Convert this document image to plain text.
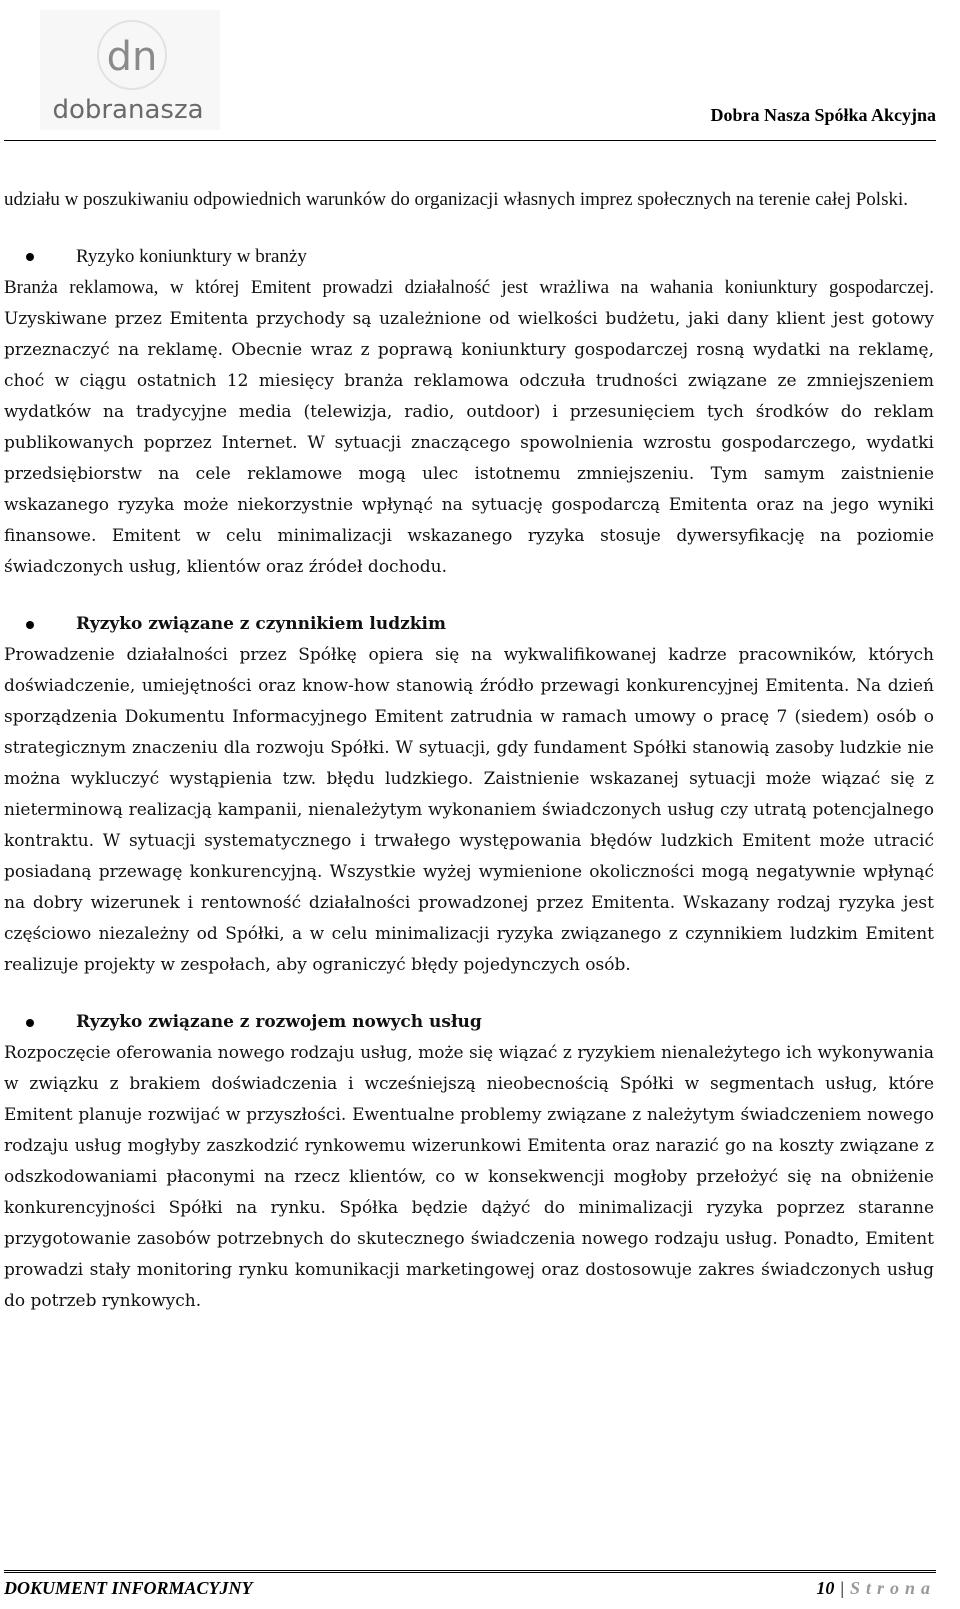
dn
dobranasza	Dobra Nasza Spółka Akcyjna

udziału w poszukiwaniu odpowiednich warunków do organizacji własnych imprez społecznych na terenie całej Polski.

Ryzyko koniunktury w branży

Branża reklamowa, w której Emitent prowadzi działalność jest wrażliwa na wahania koniunktury gospodarczej. Uzyskiwane przez Emitenta przychody są uzależnione od wielkości budżetu, jaki dany klient jest gotowy przeznaczyć na reklamę. Obecnie wraz z poprawą koniunktury gospodarczej rosną wydatki na reklamę, choć w ciągu ostatnich 12 miesięcy branża reklamowa odczuła trudności związane ze zmniejszeniem wydatków na tradycyjne media (telewizja, radio, outdoor) i przesunięciem tych środków do reklam publikowanych poprzez Internet. W sytuacji znaczącego spowolnienia wzrostu gospodarczego, wydatki przedsiębiorstw na cele reklamowe mogą ulec istotnemu zmniejszeniu. Tym samym zaistnienie wskazanego ryzyka może niekorzystnie wpłynąć na sytuację gospodarczą Emitenta oraz na jego wyniki finansowe. Emitent w celu minimalizacji wskazanego ryzyka stosuje dywersyfikację na poziomie świadczonych usług, klientów oraz źródeł dochodu.

Ryzyko związane z czynnikiem ludzkim

Prowadzenie działalności przez Spółkę opiera się na wykwalifikowanej kadrze pracowników, których doświadczenie, umiejętności oraz know-how stanowią źródło przewagi konkurencyjnej Emitenta. Na dzień sporządzenia Dokumentu Informacyjnego Emitent zatrudnia w ramach umowy o pracę 7 (siedem) osób o strategicznym znaczeniu dla rozwoju Spółki. W sytuacji, gdy fundament Spółki stanowią zasoby ludzkie nie można wykluczyć wystąpienia tzw. błędu ludzkiego. Zaistnienie wskazanej sytuacji może wiązać się z nieterminową realizacją kampanii, nienależytym wykonaniem świadczonych usług czy utratą potencjalnego kontraktu. W sytuacji systematycznego i trwałego występowania błędów ludzkich Emitent może utracić posiadaną przewagę konkurencyjną. Wszystkie wyżej wymienione okoliczności mogą negatywnie wpłynąć na dobry wizerunek i rentowność działalności prowadzonej przez Emitenta. Wskazany rodzaj ryzyka jest częściowo niezależny od Spółki, a w celu minimalizacji ryzyka związanego z czynnikiem ludzkim Emitent realizuje projekty w zespołach, aby ograniczyć błędy pojedynczych osób.

Ryzyko związane z rozwojem nowych usług

Rozpoczęcie oferowania nowego rodzaju usług, może się wiązać z ryzykiem nienależytego ich wykonywania w związku z brakiem doświadczenia i wcześniejszą nieobecnością Spółki w segmentach usług, które Emitent planuje rozwijać w przyszłości. Ewentualne problemy związane z należytym świadczeniem nowego rodzaju usług mogłyby zaszkodzić rynkowemu wizerunkowi Emitenta oraz narazić go na koszty związane z odszkodowaniami płaconymi na rzecz klientów, co w konsekwencji mogłoby przełożyć się na obniżenie konkurencyjności Spółki na rynku. Spółka będzie dążyć do minimalizacji ryzyka poprzez staranne przygotowanie zasobów potrzebnych do skutecznego świadczenia nowego rodzaju usług. Ponadto, Emitent prowadzi stały monitoring rynku komunikacji marketingowej oraz dostosowuje zakres świadczonych usług do potrzeb rynkowych.

DOKUMENT INFORMACYJNY	10 | Strona
